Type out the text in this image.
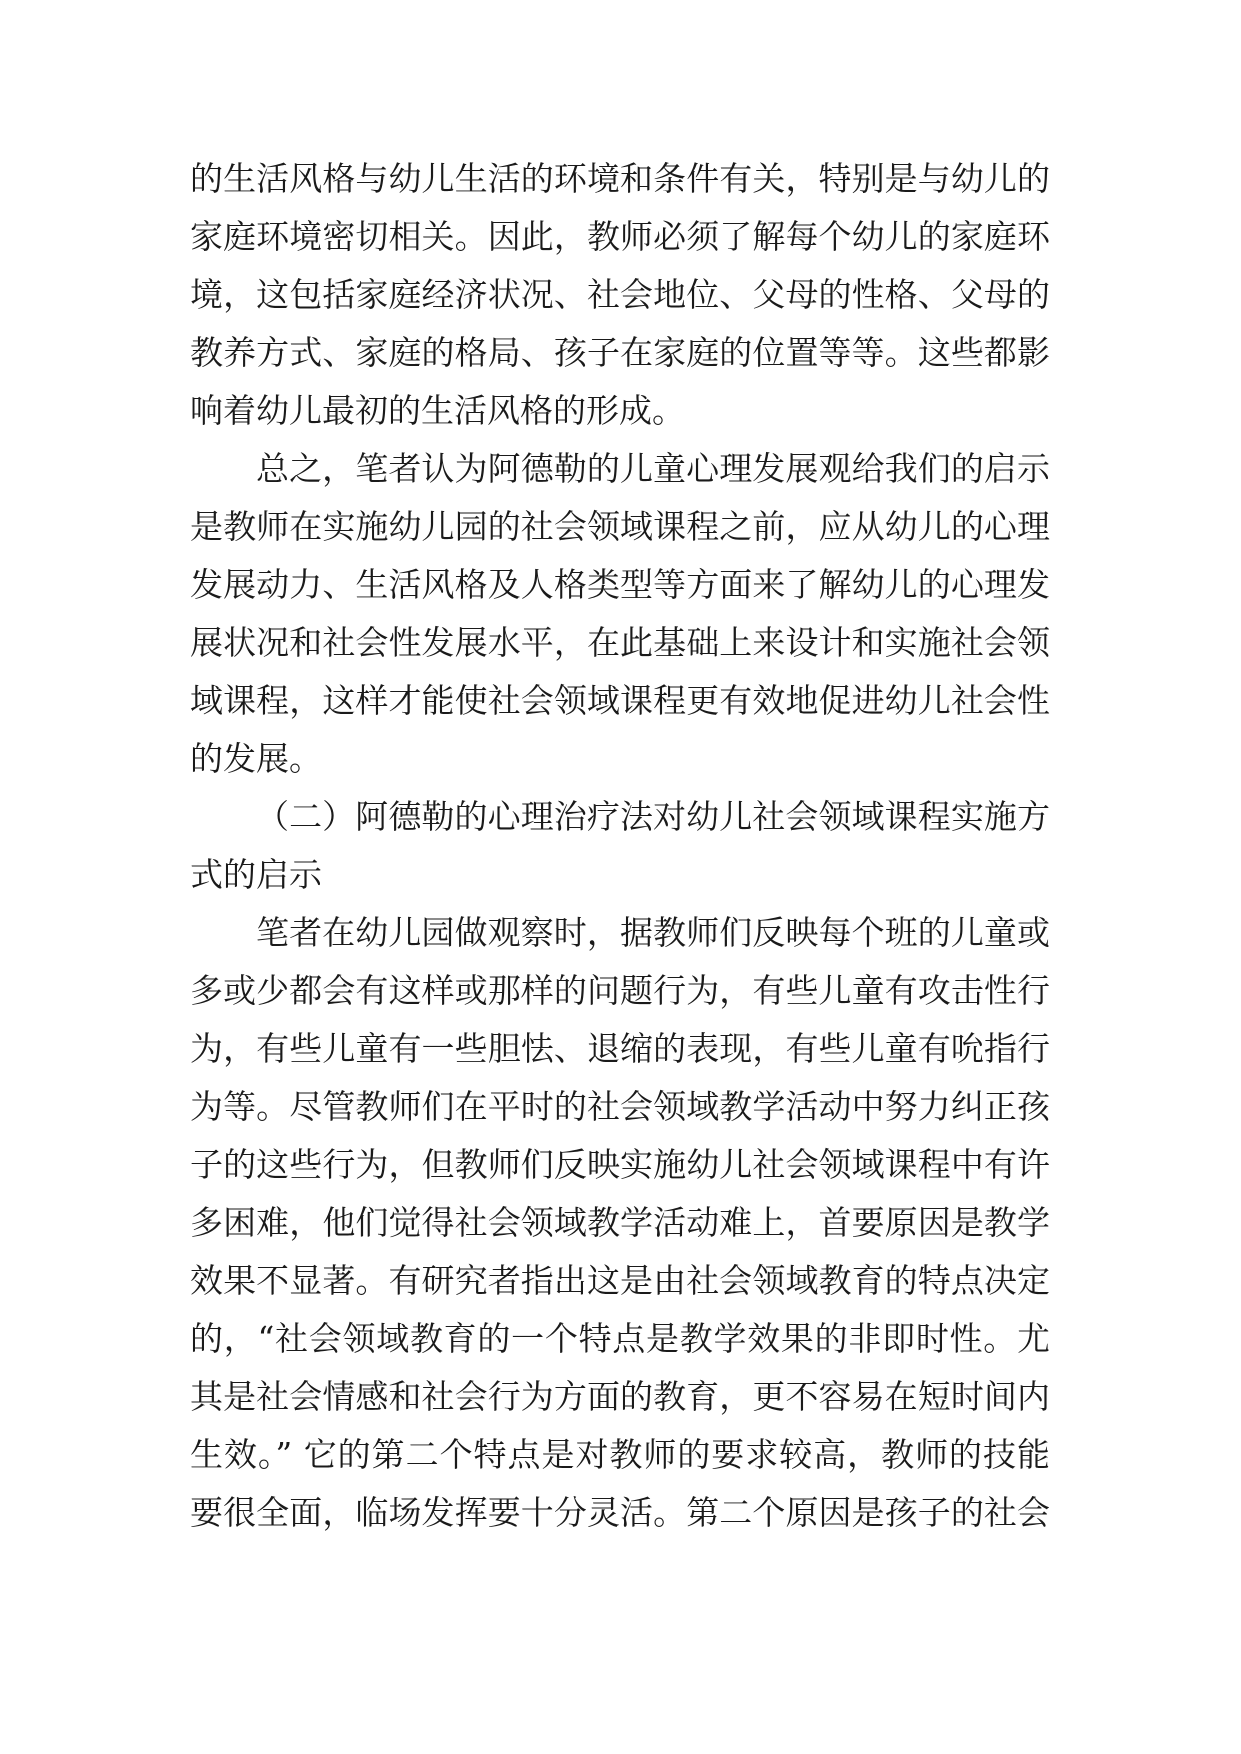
的生活风格与幼儿生活的环境和条件有关，特别是与幼儿的
家庭环境密切相关。因此，教师必须了解每个幼儿的家庭环
境，这包括家庭经济状况、社会地位、父母的性格、父母的
教养方式、家庭的格局、孩子在家庭的位置等等。这些都影
响着幼儿最初的生活风格的形成。
总之，笔者认为阿德勒的儿童心理发展观给我们的启示
是教师在实施幼儿园的社会领域课程之前，应从幼儿的心理
发展动力、生活风格及人格类型等方面来了解幼儿的心理发
展状况和社会性发展水平，在此基础上来设计和实施社会领
域课程，这样才能使社会领域课程更有效地促进幼儿社会性
的发展。
（二）阿德勒的心理治疗法对幼儿社会领域课程实施方
式的启示
笔者在幼儿园做观察时，据教师们反映每个班的儿童或
多或少都会有这样或那样的问题行为，有些儿童有攻击性行
为，有些儿童有一些胆怯、退缩的表现，有些儿童有吮指行
为等。尽管教师们在平时的社会领域教学活动中努力纠正孩
子的这些行为，但教师们反映实施幼儿社会领域课程中有许
多困难，他们觉得社会领域教学活动难上，首要原因是教学
效果不显著。有研究者指出这是由社会领域教育的特点决定
的，“社会领域教育的一个特点是教学效果的非即时性。尤
其是社会情感和社会行为方面的教育，更不容易在短时间内
生效。” 它的第二个特点是对教师的要求较高，教师的技能
要很全面，临场发挥要十分灵活。第二个原因是孩子的社会
